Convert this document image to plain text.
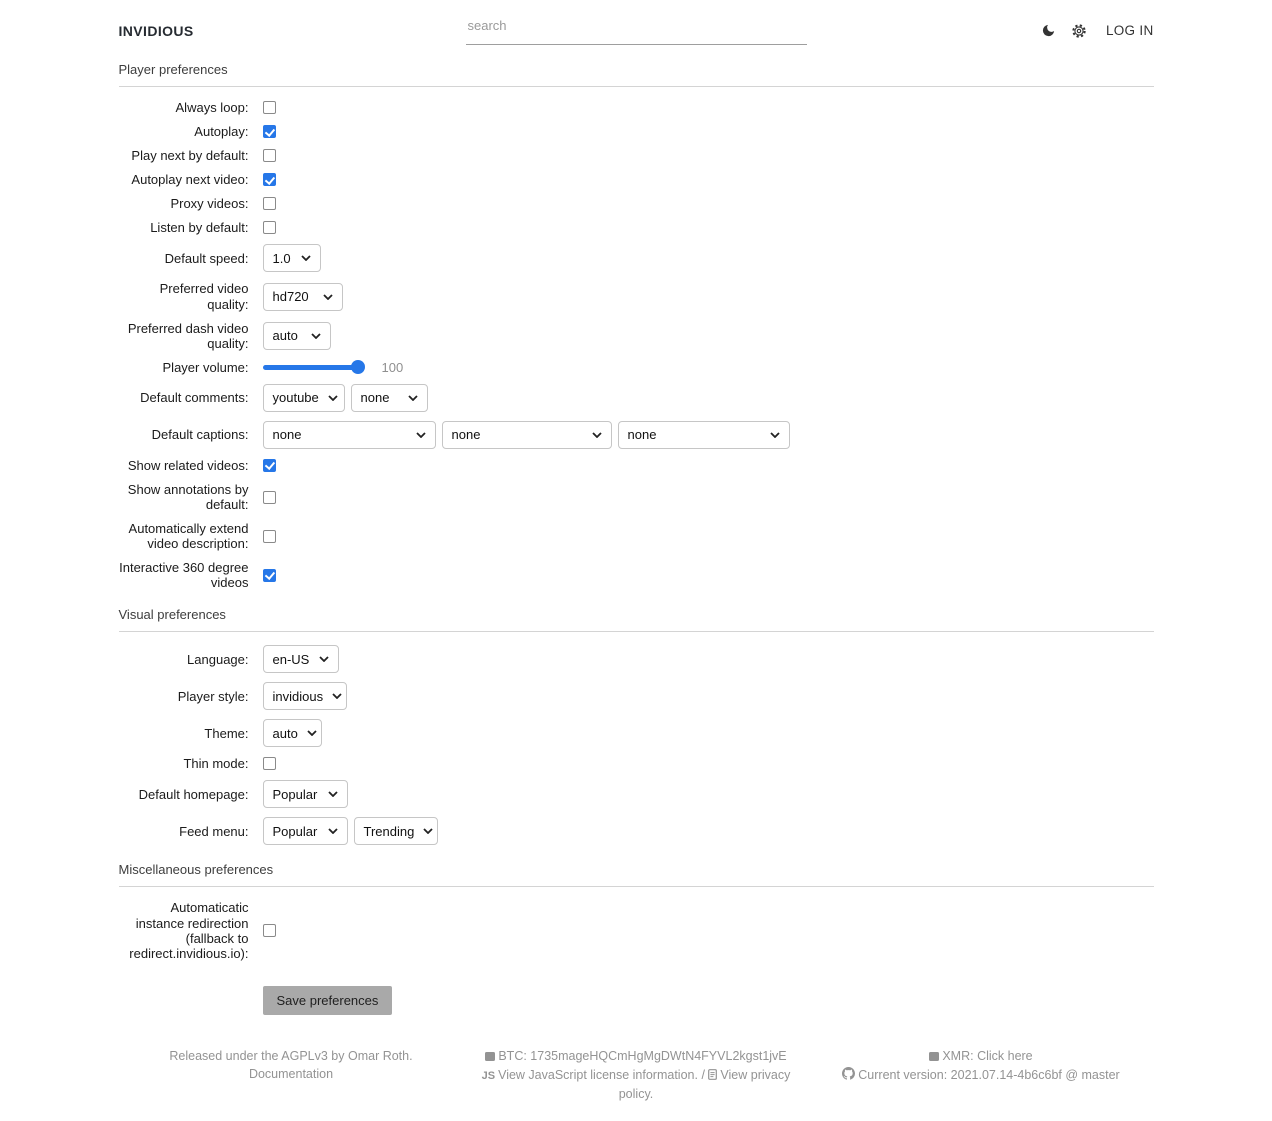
INVIDIOUS
search	LOG IN
Player preferences
Always loop:
Autoplay:
Play next by default:
Autoplay next video:
Proxy videos:
Listen by default:
Default speed: 1.0
Preferred video quality: hd720
Preferred dash video quality: auto
Player volume:	100
Default comments: youtube	none
Default captions: none	none	none
Show related videos:
Show annotations by default:
Automatically extend video description:
Interactive 360 degree videos
Visual preferences
Language: en-US
Player style: invidious
Theme: auto
Thin mode:
Default homepage: Popular
Feed menu: Popular	Trending
Miscellaneous preferences
Automaticatic instance redirection (fallback to redirect.invidious.io):
Save preferences
Released under the AGPLv3 by Omar Roth.
Documentation
BTC: 1735mageHQCmHgMgDWtN4FYVL2kgst1jvE
JS View JavaScript license information. / View privacy policy.
XMR: Click here
Current version: 2021.07.14-4b6c6bf @ master
